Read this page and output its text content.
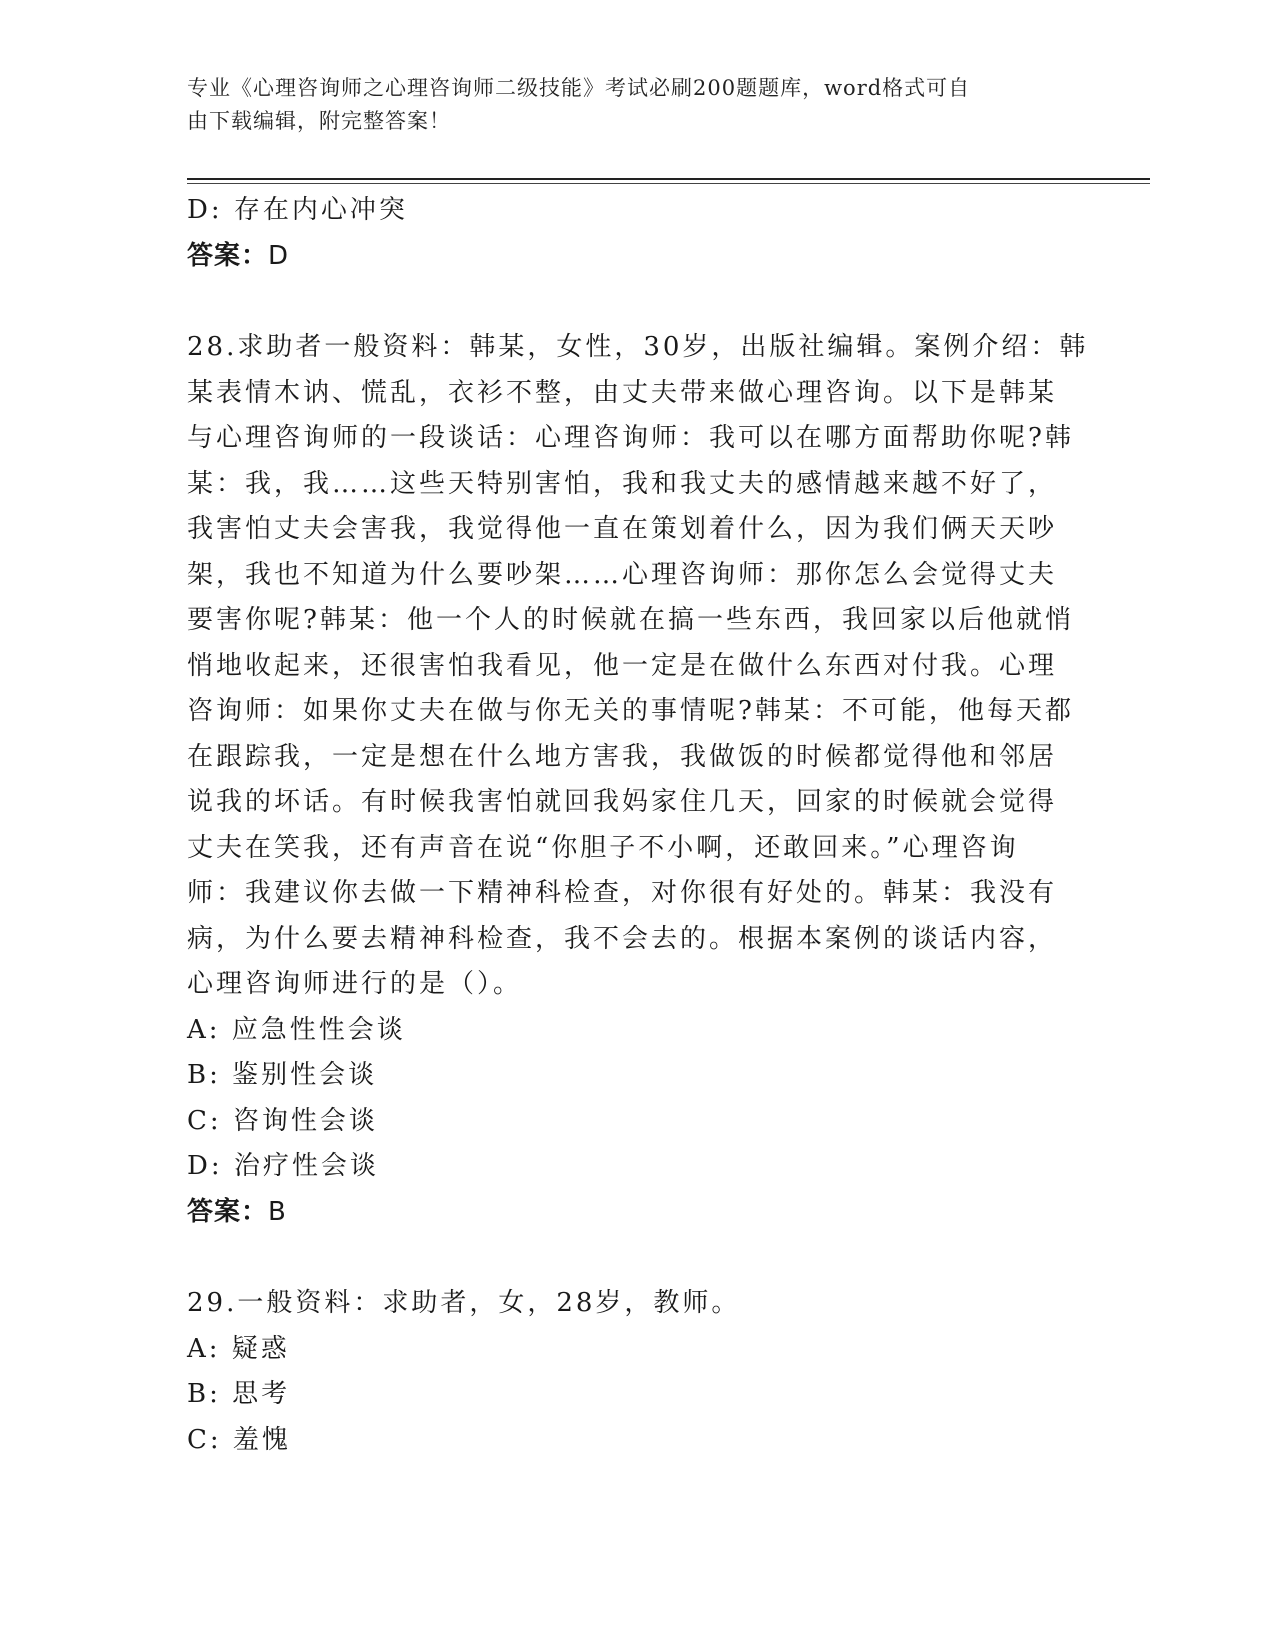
专业《心理咨询师之心理咨询师二级技能》考试必刷200题题库，word格式可自
由下载编辑，附完整答案！
D: 存在内心冲突
答案：D
28.求助者一般资料：韩某，女性，30岁，出版社编辑。案例介绍：韩
某表情木讷、慌乱，衣衫不整，由丈夫带来做心理咨询。以下是韩某
与心理咨询师的一段谈话：心理咨询师：我可以在哪方面帮助你呢?韩
某：我，我……这些天特别害怕，我和我丈夫的感情越来越不好了，
我害怕丈夫会害我，我觉得他一直在策划着什么，因为我们俩天天吵
架，我也不知道为什么要吵架……心理咨询师：那你怎么会觉得丈夫
要害你呢?韩某：他一个人的时候就在搞一些东西，我回家以后他就悄
悄地收起来，还很害怕我看见，他一定是在做什么东西对付我。心理
咨询师：如果你丈夫在做与你无关的事情呢?韩某：不可能，他每天都
在跟踪我，一定是想在什么地方害我，我做饭的时候都觉得他和邻居
说我的坏话。有时候我害怕就回我妈家住几天，回家的时候就会觉得
丈夫在笑我，还有声音在说“你胆子不小啊，还敢回来。”心理咨询
师：我建议你去做一下精神科检查，对你很有好处的。韩某：我没有
病，为什么要去精神科检查，我不会去的。根据本案例的谈话内容，
心理咨询师进行的是（）。
A: 应急性性会谈
B: 鉴别性会谈
C: 咨询性会谈
D: 治疗性会谈
答案：B
29.一般资料：求助者，女，28岁，教师。
A: 疑惑
B: 思考
C: 羞愧
